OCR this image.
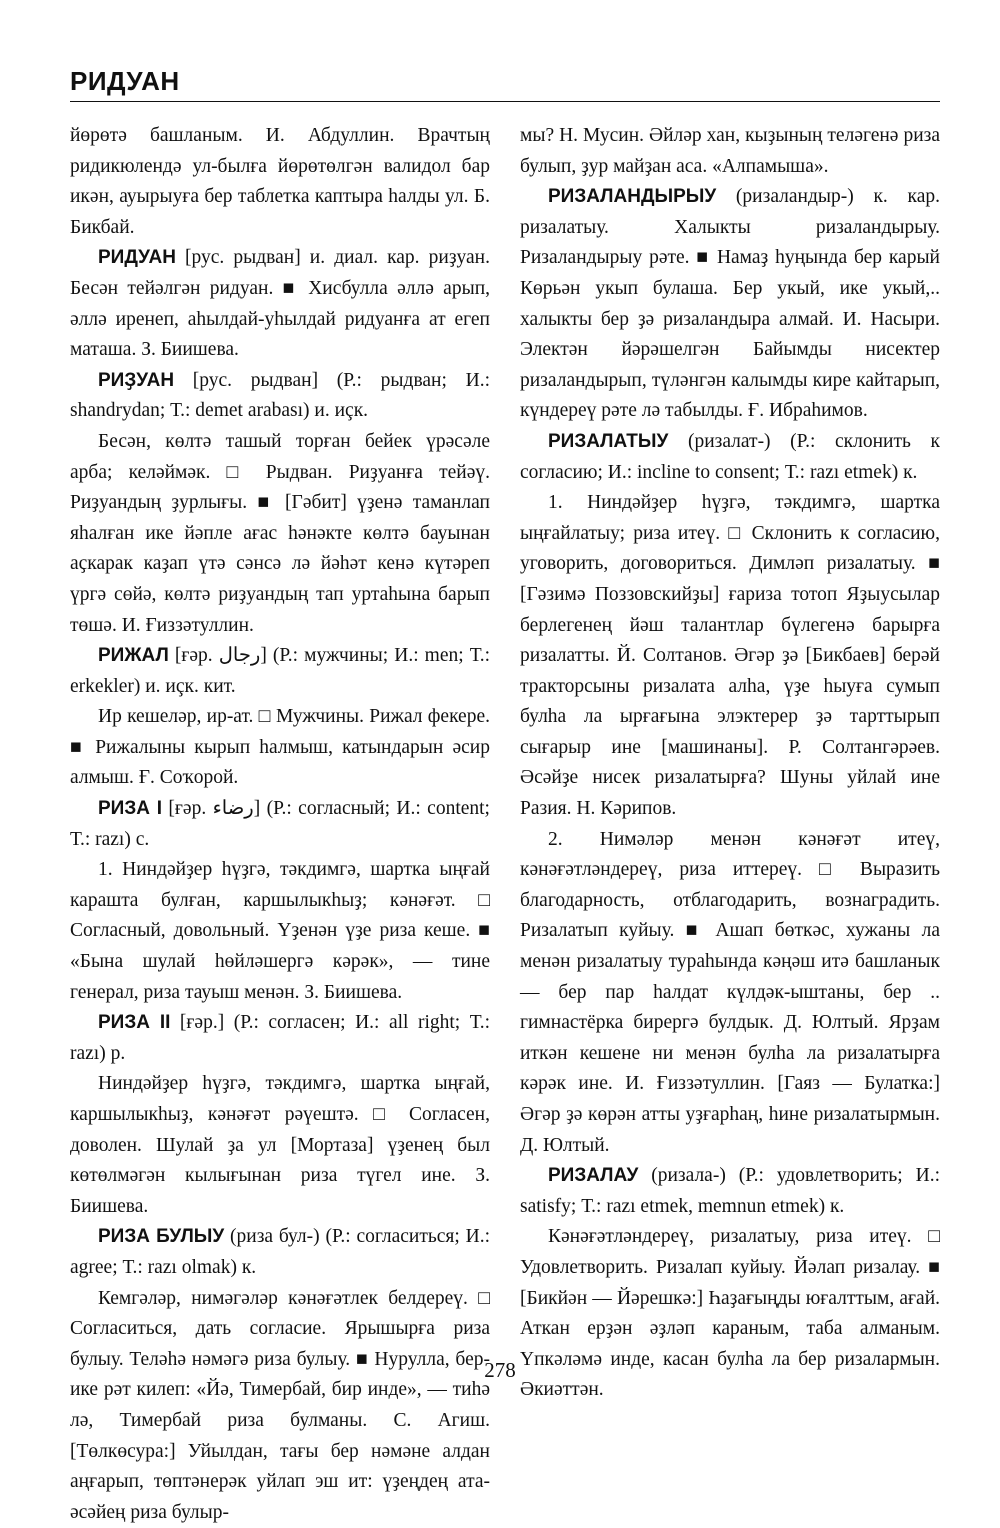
РИДУАН

йөрөтә башланым. И. Абдуллин. Врачтың ридикюлендә ул-былға йөрөтөлгән валидол бар икән, ауырыуға бер таблетка каптыра һалды ул. Б. Бикбай.

РИДУАН [рус. рыдван] и. диал. кар. риҙуан. Бесән тейәлгән ридуан. ■ Хисбулла әллә арып, әллә иренеп, аһылдай-уһылдай ридуанға ат егеп маташа. З. Биишева.

РИҘУАН [рус. рыдван] (Р.: рыдван; И.: shandrydan; Т.: demet arabası) и. иçк.

Бесән, көлтә ташый торған бейек үрәсәле арба; келәймәк. □ Рыдван. Риҙуанға тейәү. Риҙуандың ҙурлығы. ■ [Гәбит] үҙенә таманлап яһалған ике йәпле ағас һәнәкте көлтә бауынан аҫкарак каҙап үтә сәнсә лә йәһәт кенә күтәреп үргә сөйә, көлтә риҙуандың тап уртаһына барып төшә. И. Ғиззәтуллин.

РИЖАЛ [ғәр. رجال] (Р.: мужчины; И.: men; Т.: erkekler) и. иçк. кит.

Ир кешеләр, ир-ат. □ Мужчины. Рижал фекере. ■ Рижалыны кырып һалмыш, катындарын әсир алмыш. Ғ. Соҡорой.

РИЗА I [ғәр. رضاء] (Р.: согласный; И.: content; Т.: razı) с.

1. Ниндәйҙер һүҙгә, тәкдимгә, шартка ыңғай караштa булған, каршылыкһыҙ; кәнәғәт. □ Согласный, довольный. Үҙенән үҙе риза кеше. ■ «Бына шулай һөйләшергә кәрәк», — тине генерал, риза тауыш менән. З. Биишева.

РИЗА II [ғәр.] (Р.: согласен; И.: all right; Т.: razı) р.

Ниндәйҙер һүҙгә, тәкдимгә, шартка ыңғай, каршылыкһыҙ, кәнәғәт рәүештә. □ Согласен, доволен. Шулай ҙа ул [Мортаза] үҙенең был көтөлмәгән кылығынан риза түгел ине. З. Биишева.

РИЗА БУЛЫУ (риза бул-) (Р.: согласиться; И.: agree; Т.: razı olmak) к.

Кемгәләр, нимәгәләр кәнәғәтлек белдереү. □ Согласиться, дать согласие. Ярышырға риза булыу. Теләһә нәмәгә риза булыу. ■ Нурулла, бер-ике рәт килеп: «Йә, Тимербай, бир инде», — тиһә лә, Тимербай риза булманы. С. Агиш. [Төлкөсура:] Уйылдан, тағы бер нәмәне алдан аңғарып, төптәнерәк уйлап эш ит: үҙеңдең ата-әсәйең риза булыр-

мы? Н. Мусин. Әйләр хан, кыҙының теләгенә риза булып, ҙур майҙан аса. «Алпамыша».

РИЗАЛАНДЫРЫУ (ризаландыр-) к. кар. ризалатыу. Халыкты ризаландырыу. Ризаландырыу рәте. ■ Намаҙ һуңында бер карый Көрьән укып булаша. Бер укый, ике укый,.. халыкты бер ҙә ризаландыра алмай. И. Насыри. Электән йәрәшелгән Байымды нисектер ризаландырып, түләнгән калымды кире кайтарып, күндереү рәте лә табылды. Ғ. Ибраһимов.

РИЗАЛАТЫУ (ризалат-) (Р.: склонить к согласию; И.: incline to consent; Т.: razı etmek) к.

1. Ниндәйҙер һүҙгә, тәкдимгә, шартка ыңғайлатыу; риза итеү. □ Склонить к согласию, уговорить, договориться. Димләп ризалатыу. ■ [Гәзимә Поззовскийҙы] ғариза тотоп Яҙыусылар берлегенең йәш талантлар бүлегенә барырға ризалатты. Й. Солтанов. Әгәр ҙә [Бикбаев] берәй тракторсыны ризалата алһа, үҙе һыуға сумып булһа ла ырғағына элэктерер ҙә тарттырып сығарыр ине [машинаны]. Р. Солтангәрәев. Әсәйҙе нисек ризалатырға? Шуны уйлай ине Разия. Н. Кәрипов.

2. Нимәләр менән кәнәғәт итеү, кәнәғәтләндереү, риза иттереү. □ Выразить благодарность, отблагодарить, вознаградить. Ризалатып куйыу. ■ Ашап бөткәс, хужаны ла менән ризалатыу тураһында кәңәш итә башланык — бер пар һалдат күлдәк-ыштаны, бер .. гимнастёрка бирергә булдык. Д. Юлтый. Ярҙам иткән кешене ни менән булһа ла ризалатырға кәрәк ине. И. Ғиззәтуллин. [Гаяз — Булатка:] Әгәр ҙә көрән атты уҙғарһаң, һине ризалатырмын. Д. Юлтый.

РИЗАЛАУ (ризала-) (Р.: удовлетворить; И.: satisfy; Т.: razı etmek, memnun etmek) к.

Кәнәғәтләндереү, ризалатыу, риза итеү. □ Удовлетворить. Ризалап куйыу. Йәлап ризалау. ■ [Бикйән — Йәрешкә:] Һаҙағыңды юғалттым, ағай. Аткан ерҙән әҙләп караным, таба алманым. Үпкәләмә инде, касан булһа ла бер ризалармын. Әкиәттән.

278
